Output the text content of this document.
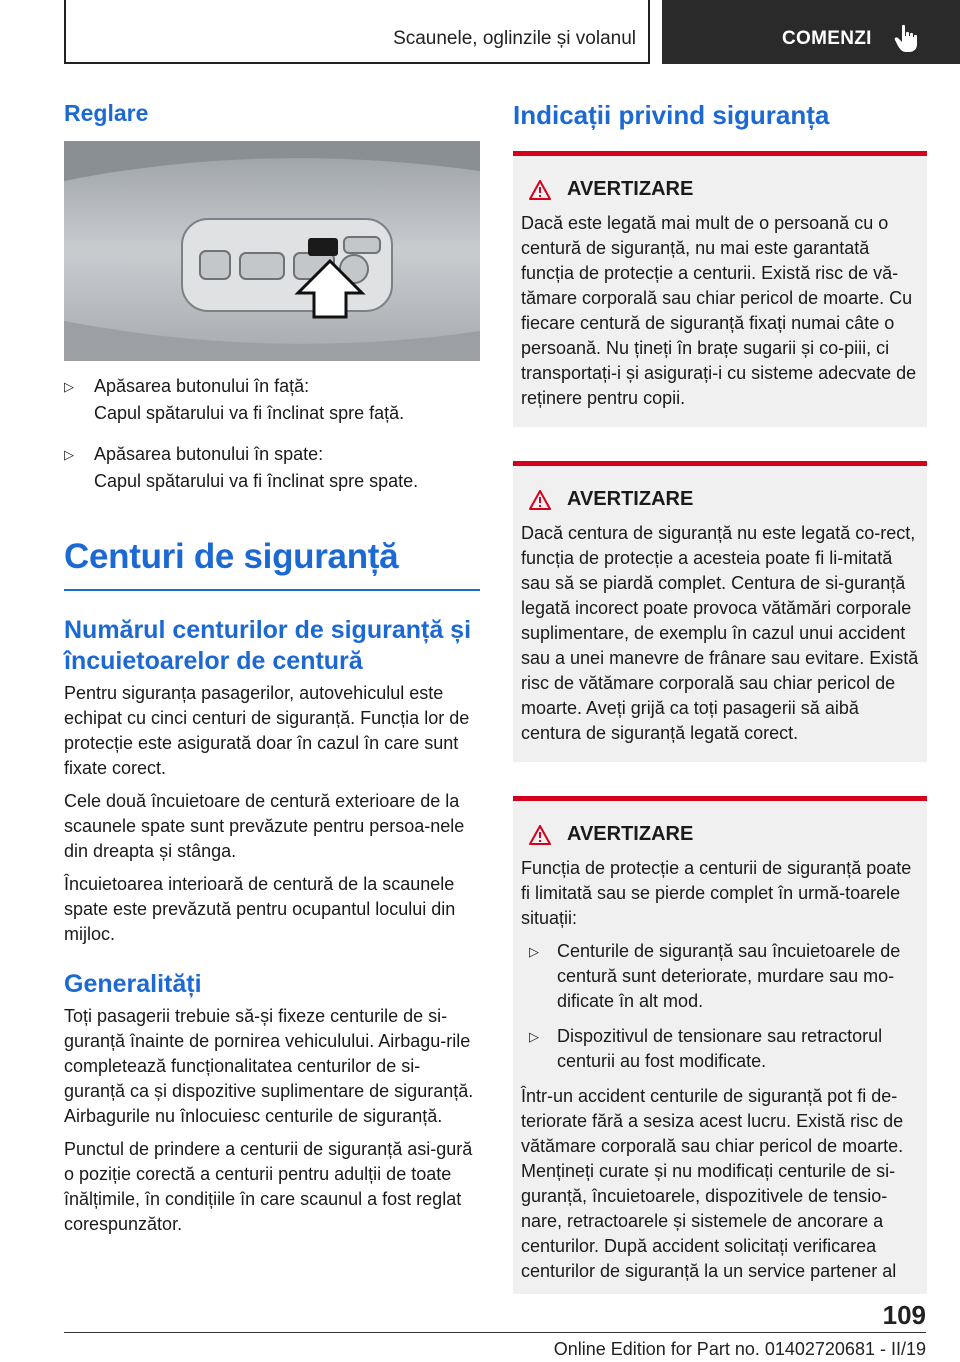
Scaunele, oglinzile și volanul	COMENZI
Reglare
▷ Apăsarea butonului în față:
Capul spătarului va fi înclinat spre față.
▷ Apăsarea butonului în spate:
Capul spătarului va fi înclinat spre spate.
Centuri de siguranță
Numărul centurilor de siguranță și încuietoarelor de centură

Pentru siguranța pasagerilor, autovehiculul este echipat cu cinci centuri de siguranță. Funcția lor de protecție este asigurată doar în cazul în care sunt fixate corect.

Cele două încuietoare de centură exterioare de la scaunele spate sunt prevăzute pentru persoa-nele din dreapta și stânga.

Încuietoarea interioară de centură de la scaunele spate este prevăzută pentru ocupantul locului din mijloc.

Generalități

Toți pasagerii trebuie să-și fixeze centurile de si-guranță înainte de pornirea vehiculului. Airbagu-rile completează funcționalitatea centurilor de si-guranță ca și dispozitive suplimentare de siguranță. Airbagurile nu înlocuiesc centurile de siguranță.

Punctul de prindere a centurii de siguranță asi-gură o poziție corectă a centurii pentru adulții de toate înălțimile, în condițiile în care scaunul a fost reglat corespunzător.

Indicații privind siguranța
AVERTIZARE

Dacă este legată mai mult de o persoană cu o centură de siguranță, nu mai este garantată funcția de protecție a centurii. Există risc de vă-tămare corporală sau chiar pericol de moarte. Cu fiecare centură de siguranță fixați numai câte o persoană. Nu țineți în brațe sugarii și co-piii, ci transportați-i și asigurați-i cu sisteme adecvate de reținere pentru copii.

AVERTIZARE

Dacă centura de siguranță nu este legată co-rect, funcția de protecție a acesteia poate fi li-mitată sau să se piardă complet. Centura de si-guranță legată incorect poate provoca vătămări corporale suplimentare, de exemplu în cazul unui accident sau a unei manevre de frânare sau evitare. Există risc de vătămare corporală sau chiar pericol de moarte. Aveți grijă ca toți pasagerii să aibă centura de siguranță legată corect.

AVERTIZARE

Funcția de protecție a centurii de siguranță poate fi limitată sau se pierde complet în urmă-toarele situații:

▷ Centurile de siguranță sau încuietoarele de centură sunt deteriorate, murdare sau mo-dificate în alt mod.
▷ Dispozitivul de tensionare sau retractorul centurii au fost modificate.

Într-un accident centurile de siguranță pot fi de-teriorate fără a sesiza acest lucru. Există risc de vătămare corporală sau chiar pericol de moarte. Mențineți curate și nu modificați centurile de si-guranță, încuietoarele, dispozitivele de tensio-nare, retractoarele și sistemele de ancorare a centurilor. După accident solicitați verificarea centurilor de siguranță la un service partener al

109
Online Edition for Part no. 01402720681 - II/19
